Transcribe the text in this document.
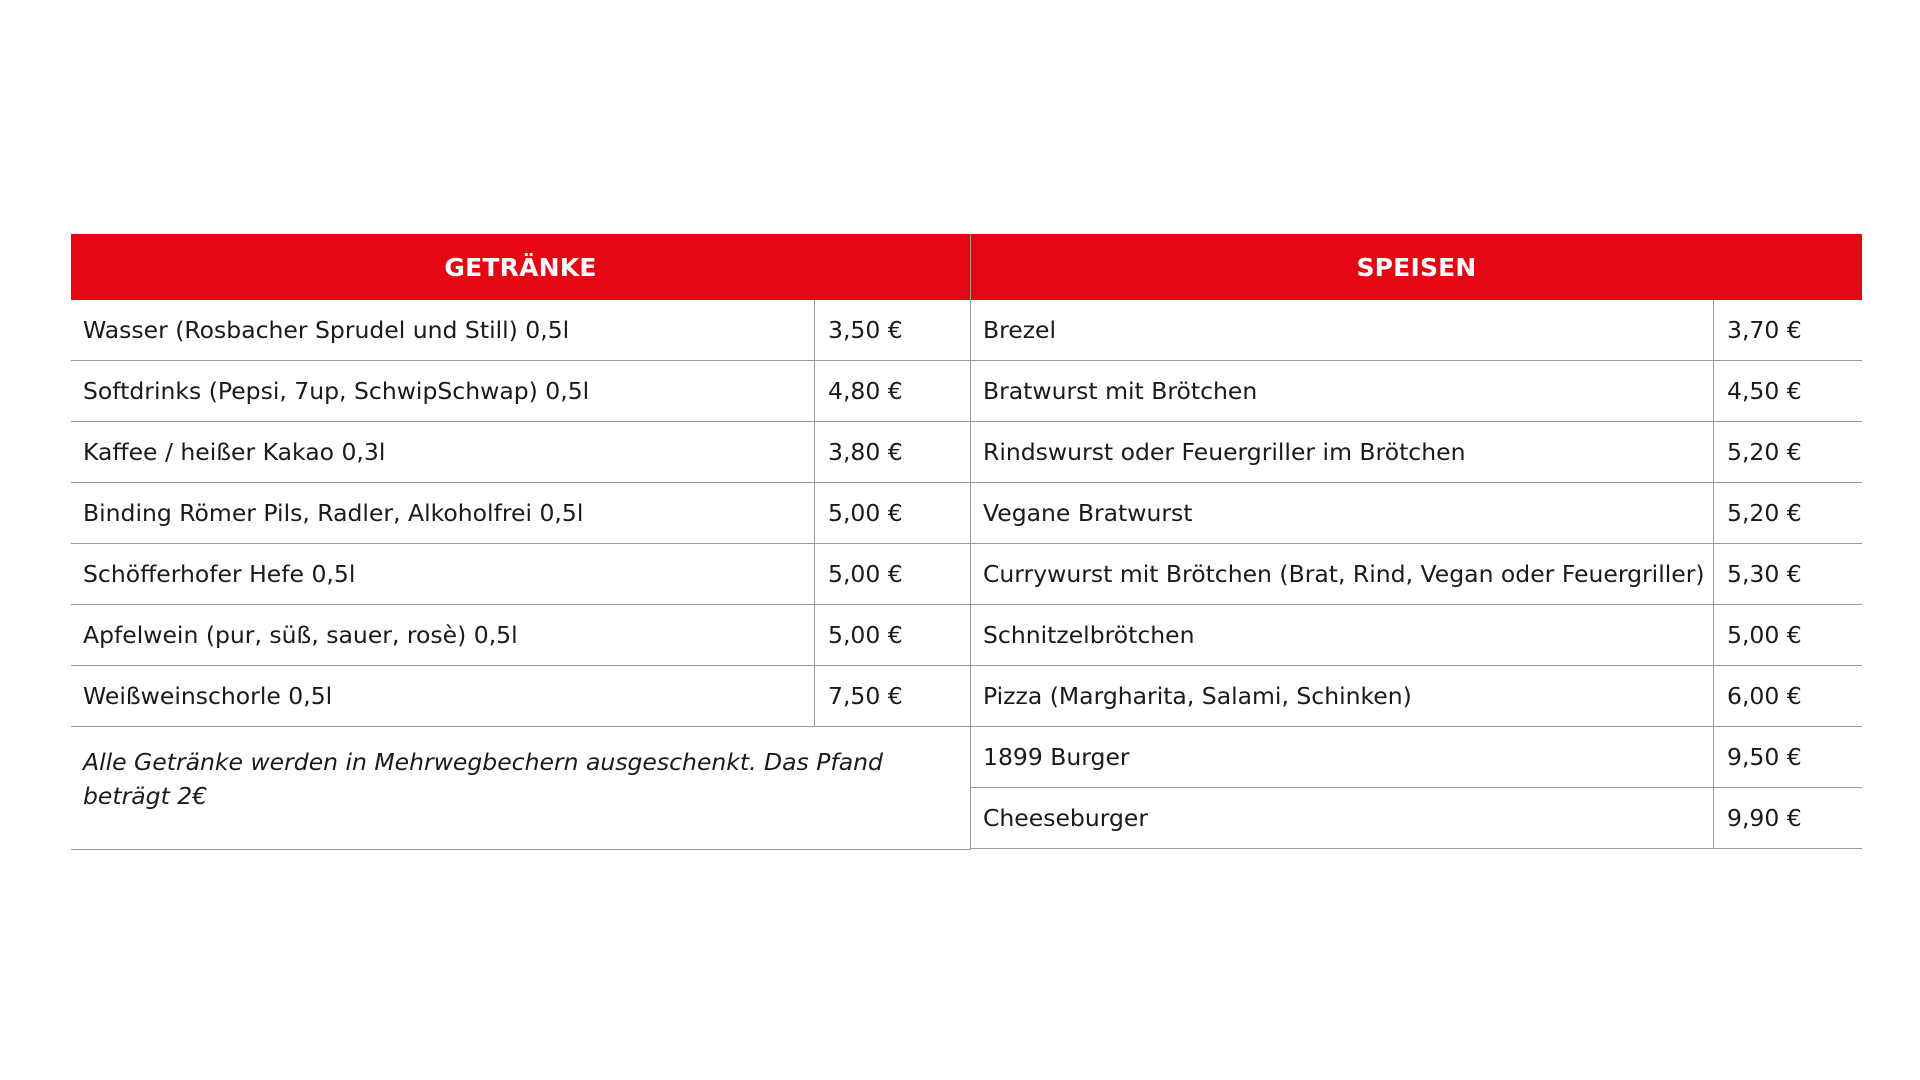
GETRÄNKE
Wasser (Rosbacher Sprudel und Still) 0,5l	3,50 €
Softdrinks (Pepsi, 7up, SchwipSchwap) 0,5l	4,80 €
Kaffee / heißer Kakao 0,3l	3,80 €
Binding Römer Pils, Radler, Alkoholfrei 0,5l	5,00 €
Schöfferhofer Hefe 0,5l	5,00 €
Apfelwein (pur, süß, sauer, rosè) 0,5l	5,00 €
Weißweinschorle 0,5l	7,50 €
Alle Getränke werden in Mehrwegbechern ausgeschenkt. Das Pfand beträgt 2€
SPEISEN
Brezel	3,70 €
Bratwurst mit Brötchen	4,50 €
Rindswurst oder Feuergriller im Brötchen	5,20 €
Vegane Bratwurst	5,20 €
Currywurst mit Brötchen (Brat, Rind, Vegan oder Feuergriller) 5,30 €
Schnitzelbrötchen	5,00 €
Pizza (Margharita, Salami, Schinken)	6,00 €
1899 Burger	9,50 €
Cheeseburger	9,90 €
